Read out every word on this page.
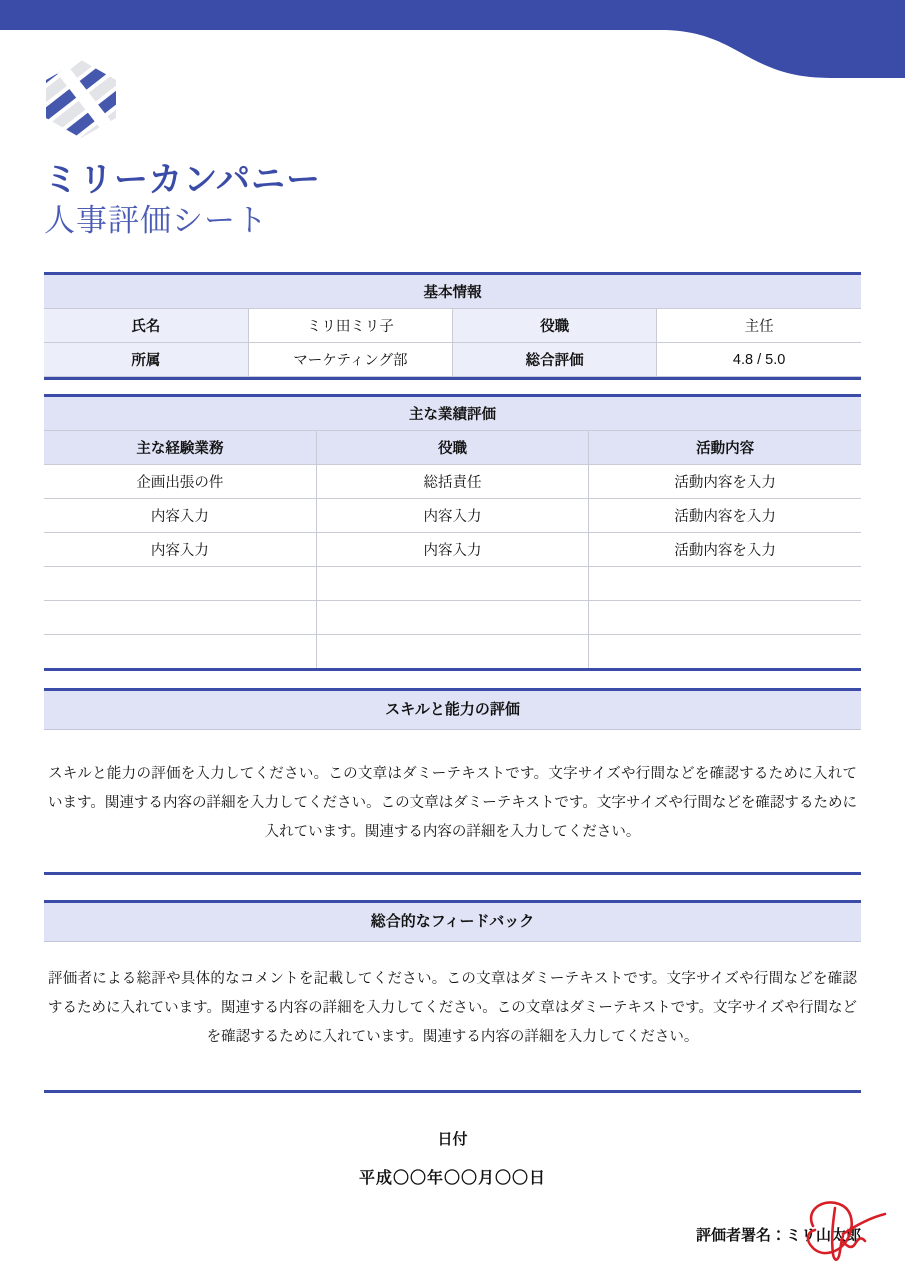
ミリーカンパニー
人事評価シート
基本情報			
氏名	ミリ田ミリ子	役職	主任
所属	マーケティング部	総合評価	4.8 / 5.0
主な業績評価		
主な経験業務	役職	活動内容
企画出張の件	総括責任	活動内容を入力
内容入力	内容入力	活動内容を入力
内容入力	内容入力	活動内容を入力

スキルと能力の評価

スキルと能力の評価を入力してください。この文章はダミーテキストです。文字サイズや行間などを確認するために入れています。関連する内容の詳細を入力してください。この文章はダミーテキストです。文字サイズや行間などを確認するために入れています。関連する内容の詳細を入力してください。

総合的なフィードバック

評価者による総評や具体的なコメントを記載してください。この文章はダミーテキストです。文字サイズや行間などを確認するために入れています。関連する内容の詳細を入力してください。この文章はダミーテキストです。文字サイズや行間などを確認するために入れています。関連する内容の詳細を入力してください。

日付
平成〇〇年〇〇月〇〇日
評価者署名：ミリ山太郎
